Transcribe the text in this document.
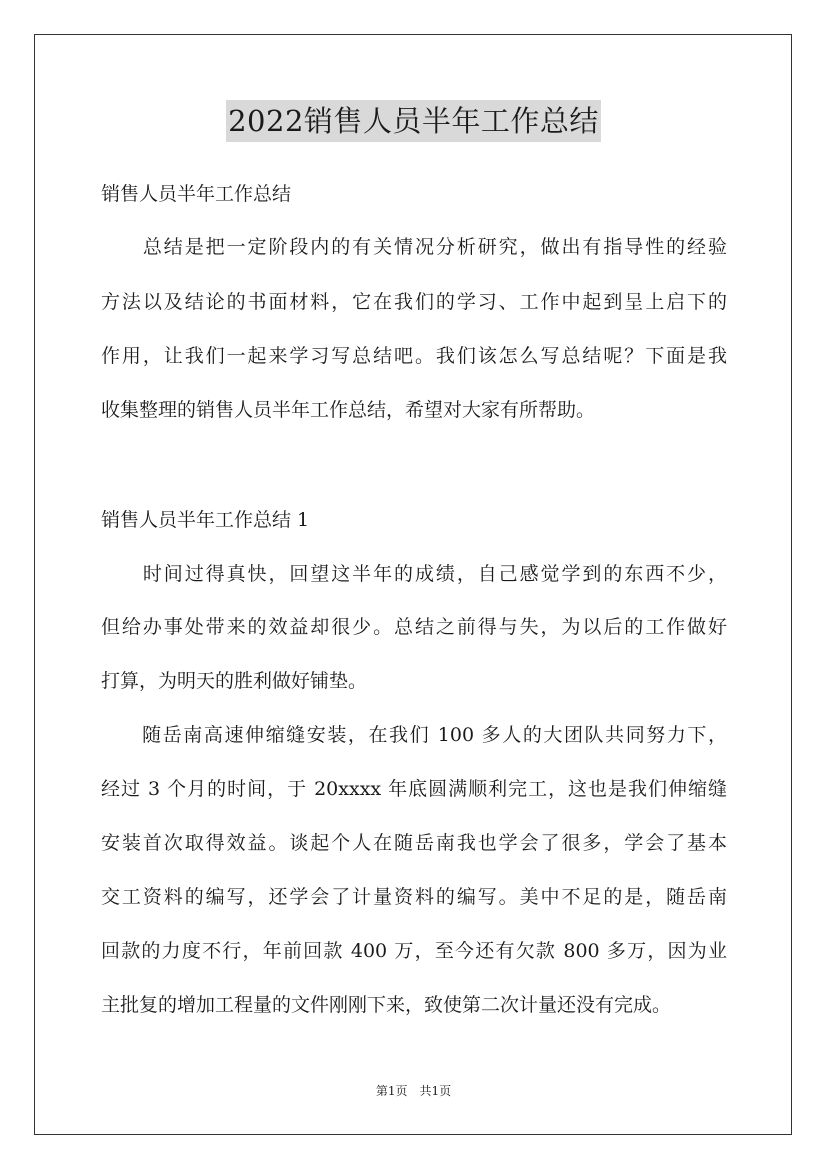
2022销售人员半年工作总结
销售人员半年工作总结
　　总结是把一定阶段内的有关情况分析研究，做出有指导性的经验
方法以及结论的书面材料，它在我们的学习、工作中起到呈上启下的
作用，让我们一起来学习写总结吧。我们该怎么写总结呢？下面是我
收集整理的销售人员半年工作总结，希望对大家有所帮助。
销售人员半年工作总结 1
　　时间过得真快，回望这半年的成绩，自己感觉学到的东西不少，
但给办事处带来的效益却很少。总结之前得与失，为以后的工作做好
打算，为明天的胜利做好铺垫。
　　随岳南高速伸缩缝安装，在我们 100 多人的大团队共同努力下，
经过 3 个月的时间，于 20xxxx 年底圆满顺利完工，这也是我们伸缩缝
安装首次取得效益。谈起个人在随岳南我也学会了很多，学会了基本
交工资料的编写，还学会了计量资料的编写。美中不足的是，随岳南
回款的力度不行，年前回款 400 万，至今还有欠款 800 多万，因为业
主批复的增加工程量的文件刚刚下来，致使第二次计量还没有完成。
第1页　共1页
